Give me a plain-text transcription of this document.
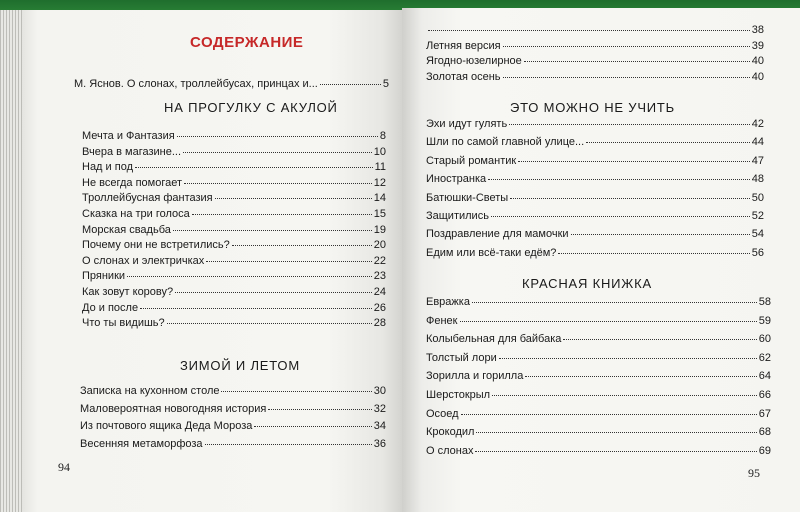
СОДЕРЖАНИЕ
М. Яснов. О слонах, троллейбусах, принцах и...	5
НА ПРОГУЛКУ С АКУЛОЙ
Мечта и Фантазия	8
Вчера в магазине...	10
Над и под	11
Не всегда помогает	12
Троллейбусная фантазия	14
Сказка на три голоса	15
Морская свадьба	19
Почему они не встретились?	20
О слонах и электричках	22
Пряники	23
Как зовут корову?	24
До и после	26
Что ты видишь?	28
ЗИМОЙ И ЛЕТОМ
Записка на кухонном столе	30
Маловероятная новогодняя история	32
Из почтового ящика Деда Мороза	34
Весенняя метаморфоза	36
94
38
Летняя версия	39
Ягодно-юзелирное	40
Золотая осень	40
ЭТО МОЖНО НЕ УЧИТЬ
Эхи идут гулять	42
Шли по самой главной улице...	44
Старый романтик	47
Иностранка	48
Батюшки-Светы	50
Защитились	52
Поздравление для мамочки	54
Едим или всё-таки едём?	56
КРАСНАЯ КНИЖКА
Евражка	58
Фенек	59
Колыбельная для байбака	60
Толстый лори	62
Зорилла и горилла	64
Шерстокрыл	66
Осоед	67
Крокодил	68
О слонах	69
95
